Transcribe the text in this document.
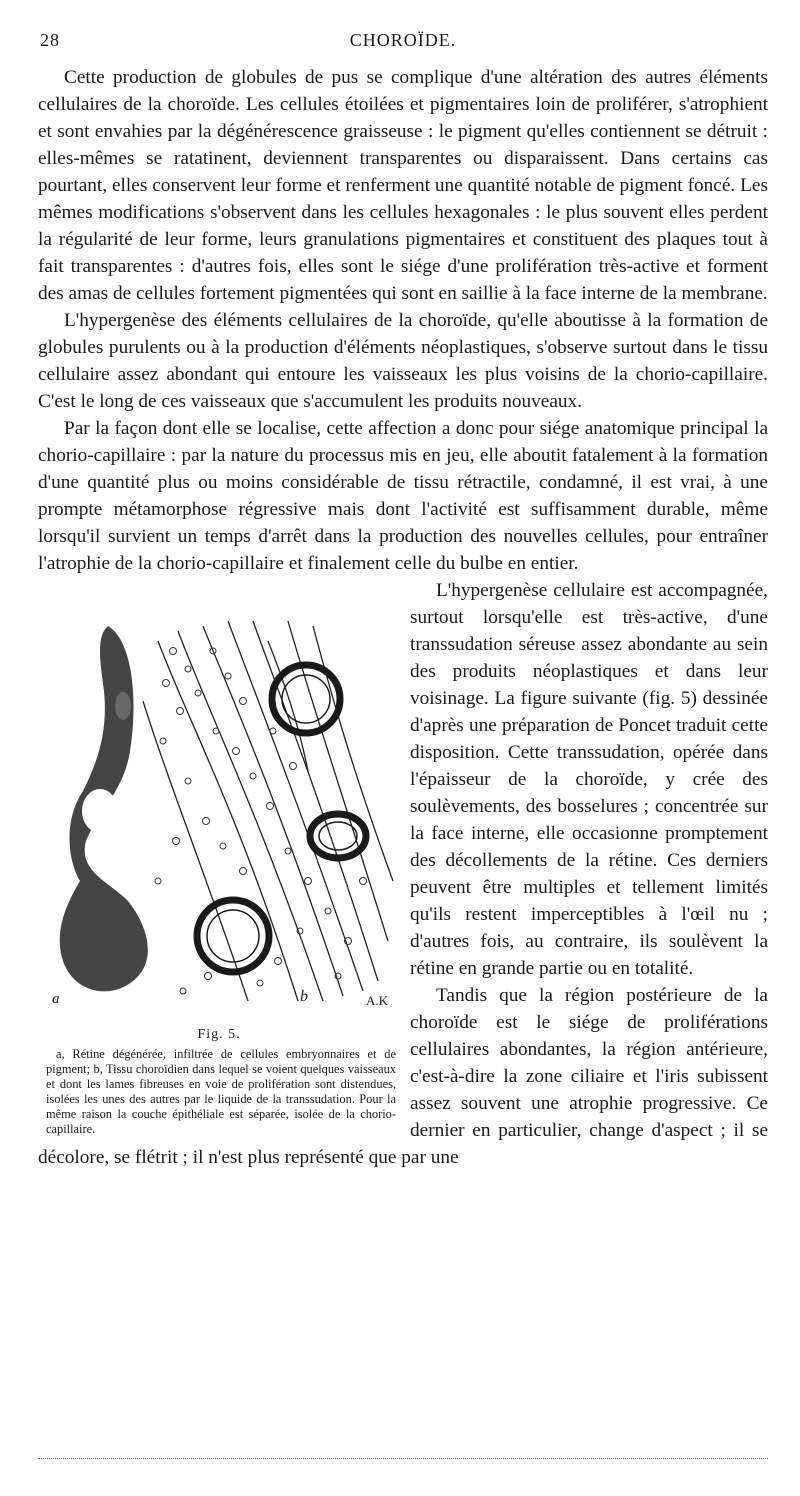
28	CHOROÏDE.

Cette production de globules de pus se complique d'une altération des autres éléments cellulaires de la choroïde. Les cellules étoilées et pigmentaires loin de proliférer, s'atrophient et sont envahies par la dégénérescence graisseuse : le pigment qu'elles contiennent se détruit : elles-mêmes se ratatinent, deviennent transparentes ou disparaissent. Dans certains cas pourtant, elles conservent leur forme et renferment une quantité notable de pigment foncé. Les mêmes modifications s'observent dans les cellules hexagonales : le plus souvent elles perdent la régularité de leur forme, leurs granulations pigmentaires et constituent des plaques tout à fait transparentes : d'autres fois, elles sont le siége d'une prolifération très-active et forment des amas de cellules fortement pigmentées qui sont en saillie à la face interne de la membrane.

L'hypergenèse des éléments cellulaires de la choroïde, qu'elle aboutisse à la formation de globules purulents ou à la production d'éléments néoplastiques, s'observe surtout dans le tissu cellulaire assez abondant qui entoure les vaisseaux les plus voisins de la chorio-capillaire. C'est le long de ces vaisseaux que s'accumulent les produits nouveaux.

Par la façon dont elle se localise, cette affection a donc pour siége anatomique principal la chorio-capillaire : par la nature du processus mis en jeu, elle aboutit fatalement à la formation d'une quantité plus ou moins considérable de tissu rétractile, condamné, il est vrai, à une prompte métamorphose régressive mais dont l'activité est suffisamment durable, même lorsqu'il survient un temps d'arrêt dans la production des nouvelles cellules, pour entraîner l'atrophie de la chorio-capillaire et finalement celle du bulbe en entier.

a	b	A.K
Fig. 5.

a, Rétine dégénérée, infiltrée de cellules embryonnaires et de pigment; b, Tissu choroïdien dans lequel se voient quelques vaisseaux et dont les lames fibreuses en voie de prolifération sont distendues, isolées les unes des autres par le liquide de la transsudation. Pour la même raison la couche épithéliale est séparée, isolée de la chorio-capillaire.

L'hypergenèse cellulaire est accompagnée, surtout lorsqu'elle est très-active, d'une transsudation séreuse assez abondante au sein des produits néoplastiques et dans leur voisinage. La figure suivante (fig. 5) dessinée d'après une préparation de Poncet traduit cette disposition. Cette transsudation, opérée dans l'épaisseur de la choroïde, y crée des soulèvements, des bosselures ; concentrée sur la face interne, elle occasionne promptement des décollements de la rétine. Ces derniers peuvent être multiples et tellement limités qu'ils restent imperceptibles à l'œil nu ; d'autres fois, au contraire, ils soulèvent la rétine en grande partie ou en totalité.

Tandis que la région postérieure de la choroïde est le siége de proliférations cellulaires abondantes, la région antérieure, c'est-à-dire la zone ciliaire et l'iris subissent assez souvent une atrophie progressive. Ce dernier en particulier, change d'aspect ; il se décolore, se flétrit ; il n'est plus représenté que par une
